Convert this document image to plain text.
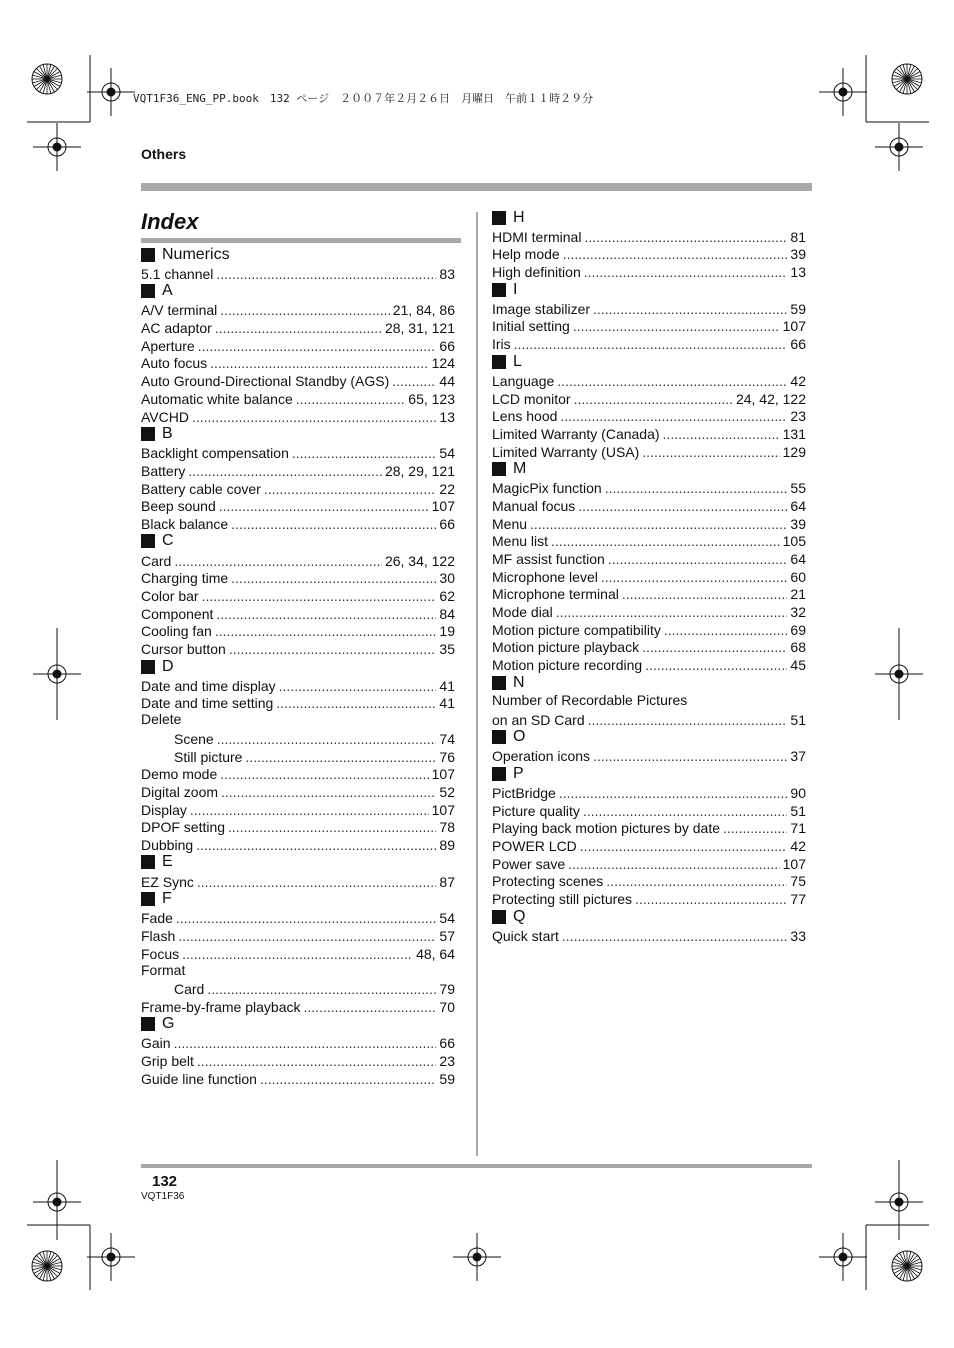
VQT1F36_ENG_PP.book　132 ページ　２００７年２月２６日　月曜日　午前１１時２９分
Others
Index
Numerics
5.1 channel .....	83
A
A/V terminal .....	21, 84, 86
AC adaptor .....	28, 31, 121
Aperture .....	66
Auto focus .....	124
Auto Ground-Directional Standby (AGS) .....	44
Automatic white balance .....	65, 123
AVCHD .....	13
B
Backlight compensation .....	54
Battery .....	28, 29, 121
Battery cable cover .....	22
Beep sound .....	107
Black balance .....	66
C
Card .....	26, 34, 122
Charging time .....	30
Color bar .....	62
Component .....	84
Cooling fan .....	19
Cursor button .....	35
D
Date and time display .....	41
Date and time setting .....	41
Delete
Scene .....	74
Still picture .....	76
Demo mode .....	107
Digital zoom .....	52
Display .....	107
DPOF setting .....	78
Dubbing .....	89
E
EZ Sync .....	87
F
Fade .....	54
Flash .....	57
Focus .....	48, 64
Format
Card .....	79
Frame-by-frame playback .....	70
G
Gain .....	66
Grip belt .....	23
Guide line function .....	59
H
HDMI terminal .....	81
Help mode .....	39
High definition .....	13
I
Image stabilizer .....	59
Initial setting .....	107
Iris .....	66
L
Language .....	42
LCD monitor .....	24, 42, 122
Lens hood .....	23
Limited Warranty (Canada) .....	131
Limited Warranty (USA) .....	129
M
MagicPix function .....	55
Manual focus .....	64
Menu .....	39
Menu list .....	105
MF assist function .....	64
Microphone level .....	60
Microphone terminal .....	21
Mode dial .....	32
Motion picture compatibility .....	69
Motion picture playback .....	68
Motion picture recording .....	45
N
Number of Recordable Pictures
on an SD Card .....	51
O
Operation icons .....	37
P
PictBridge .....	90
Picture quality .....	51
Playing back motion pictures by date .....	71
POWER LCD .....	42
Power save .....	107
Protecting scenes .....	75
Protecting still pictures .....	77
Q
Quick start .....	33
132
VQT1F36
